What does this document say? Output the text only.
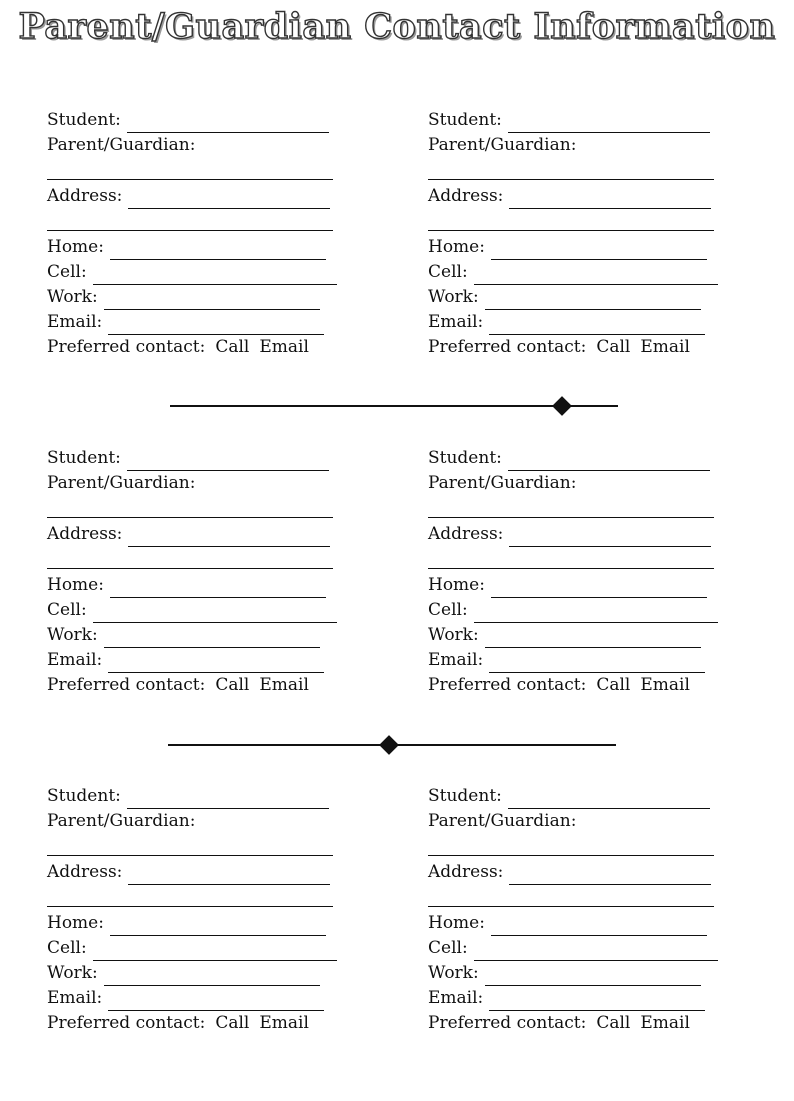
Parent/Guardian Contact Information
Student:
Parent/Guardian:
Address:
Home:
Cell:
Work:
Email:
Preferred contact: Call Email
Student:
Parent/Guardian:
Address:
Home:
Cell:
Work:
Email:
Preferred contact: Call Email
Student:
Parent/Guardian:
Address:
Home:
Cell:
Work:
Email:
Preferred contact: Call Email
Student:
Parent/Guardian:
Address:
Home:
Cell:
Work:
Email:
Preferred contact: Call Email
Student:
Parent/Guardian:
Address:
Home:
Cell:
Work:
Email:
Preferred contact: Call Email
Student:
Parent/Guardian:
Address:
Home:
Cell:
Work:
Email:
Preferred contact: Call Email
